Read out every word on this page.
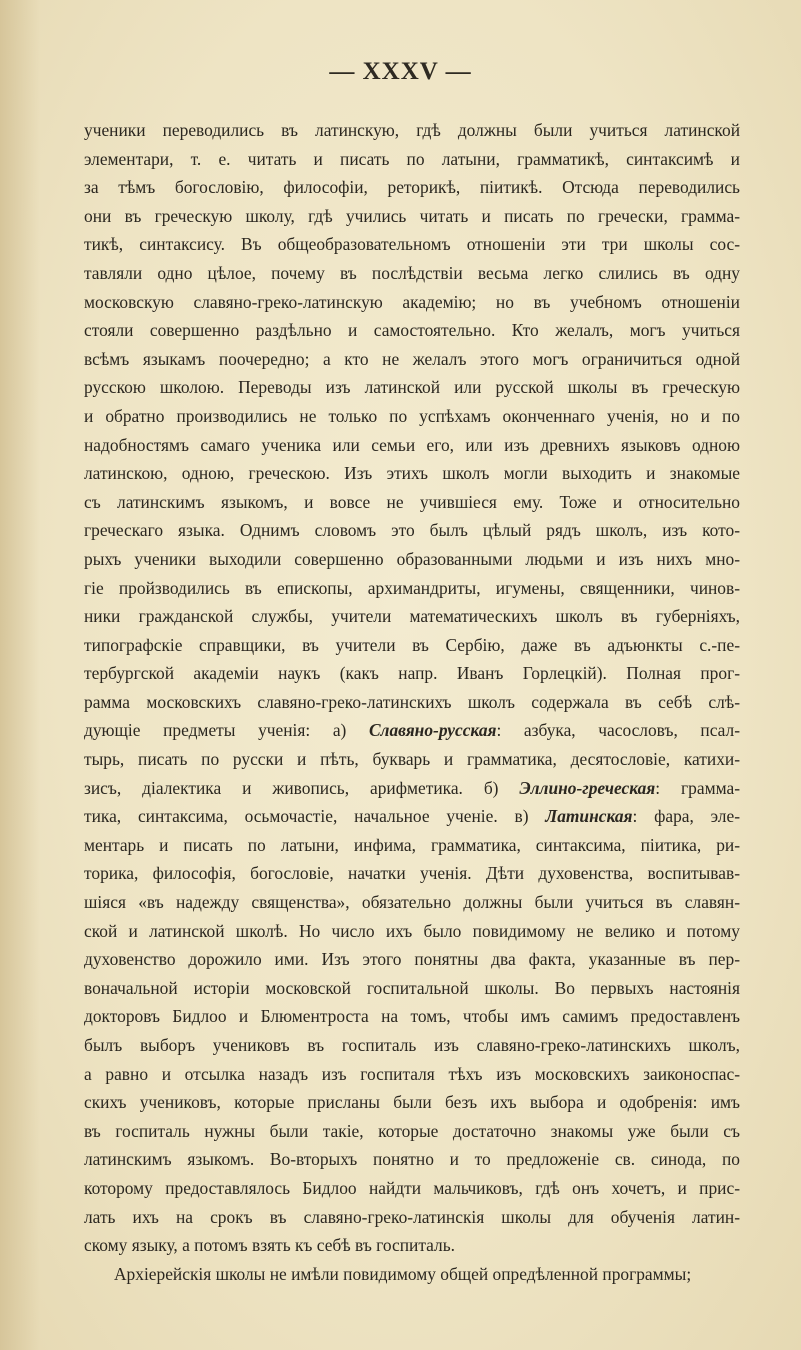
— XXXV —
ученики переводились въ латинскую, гдѣ должны были учиться латинской
элементари, т. е. читать и писать по латыни, грамматикѣ, синтаксимѣ и
за тѣмъ богословію, философіи, реторикѣ, піитикѣ. Отсюда переводились
они въ греческую школу, гдѣ учились читать и писать по гречески, грамма-
тикѣ, синтаксису. Въ общеобразовательномъ отношеніи эти три школы сос-
тавляли одно цѣлое, почему въ послѣдствіи весьма легко слились въ одну
московскую славяно-греко-латинскую академію; но въ учебномъ отношеніи
стояли совершенно раздѣльно и самостоятельно. Кто желалъ, могъ учиться
всѣмъ языкамъ поочередно; а кто не желалъ этого могъ ограничиться одной
русскою школою. Переводы изъ латинской или русской школы въ греческую
и обратно производились не только по успѣхамъ оконченнаго ученія, но и по
надобностямъ самаго ученика или семьи его, или изъ древнихъ языковъ одною
латинскою, одною, греческою. Изъ этихъ школъ могли выходить и знакомые
съ латинскимъ языкомъ, и вовсе не учившіеся ему. Тоже и относительно
греческаго языка. Однимъ словомъ это былъ цѣлый рядъ школъ, изъ кото-
рыхъ ученики выходили совершенно образованными людьми и изъ нихъ мно-
гіе пройзводились въ епископы, архимандриты, игумены, священники, чинов-
ники гражданской службы, учители математическихъ школъ въ губерніяхъ,
типографскіе справщики, въ учители въ Сербію, даже въ адъюнкты с.-пе-
тербургской академіи наукъ (какъ напр. Иванъ Горлецкій). Полная прог-
рамма московскихъ славяно-греко-латинскихъ школъ содержала въ себѣ слѣ-
дующіе предметы ученія: а) Славяно-русская: азбука, часословъ, псал-
тырь, писать по русски и пѣть, букварь и грамматика, десятословіе, катихи-
зисъ, діалектика и живопись, арифметика. б) Эллино-греческая: грамма-
тика, синтаксима, осьмочастіе, начальное ученіе. в) Латинская: фара, эле-
ментарь и писать по латыни, инфима, грамматика, синтаксима, піитика, ри-
торика, философія, богословіе, начатки ученія. Дѣти духовенства, воспитывав-
шіяся «въ надежду священства», обязательно должны были учиться въ славян-
ской и латинской школѣ. Но число ихъ было повидимому не велико и потому
духовенство дорожило ими. Изъ этого понятны два факта, указанные въ пер-
воначальной исторіи московской госпитальной школы. Во первыхъ настоянія
докторовъ Бидлоо и Блюментроста на томъ, чтобы имъ самимъ предоставленъ
былъ выборъ учениковъ въ госпиталь изъ славяно-греко-латинскихъ школъ,
а равно и отсылка назадъ изъ госпиталя тѣхъ изъ московскихъ заиконоспас-
скихъ учениковъ, которые присланы были безъ ихъ выбора и одобренія: имъ
въ госпиталь нужны были такіе, которые достаточно знакомы уже были съ
латинскимъ языкомъ. Во-вторыхъ понятно и то предложеніе св. синода, по
которому предоставлялось Бидлоо найдти мальчиковъ, гдѣ онъ хочетъ, и прис-
лать ихъ на срокъ въ славяно-греко-латинскія школы для обученія латин-
скому языку, а потомъ взять къ себѣ въ госпиталь.
Архіерейскія школы не имѣли повидимому общей опредѣленной программы;
